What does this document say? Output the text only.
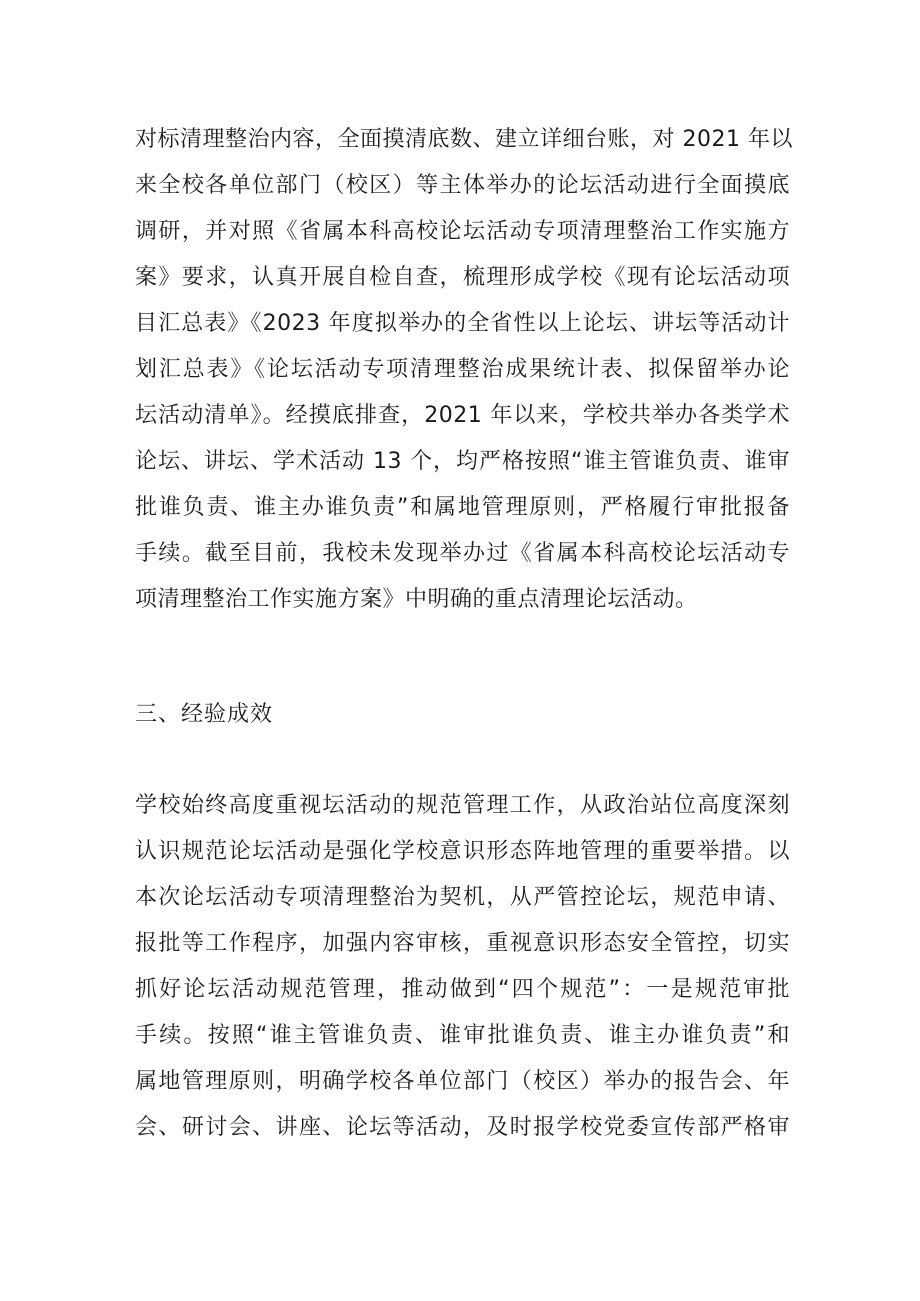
对标清理整治内容，全面摸清底数、建立详细台账，对 2021 年以
来全校各单位部门（校区）等主体举办的论坛活动进行全面摸底
调研，并对照《省属本科高校论坛活动专项清理整治工作实施方
案》要求，认真开展自检自查，梳理形成学校《现有论坛活动项
目汇总表》《2023 年度拟举办的全省性以上论坛、讲坛等活动计
划汇总表》《论坛活动专项清理整治成果统计表、拟保留举办论
坛活动清单》。经摸底排查，2021 年以来，学校共举办各类学术
论坛、讲坛、学术活动 13 个，均严格按照“谁主管谁负责、谁审
批谁负责、谁主办谁负责”和属地管理原则，严格履行审批报备
手续。截至目前，我校未发现举办过《省属本科高校论坛活动专
项清理整治工作实施方案》中明确的重点清理论坛活动。
三、经验成效
学校始终高度重视坛活动的规范管理工作，从政治站位高度深刻
认识规范论坛活动是强化学校意识形态阵地管理的重要举措。以
本次论坛活动专项清理整治为契机，从严管控论坛，规范申请、
报批等工作程序，加强内容审核，重视意识形态安全管控，切实
抓好论坛活动规范管理，推动做到“四个规范”：一是规范审批
手续。按照“谁主管谁负责、谁审批谁负责、谁主办谁负责”和
属地管理原则，明确学校各单位部门（校区）举办的报告会、年
会、研讨会、讲座、论坛等活动，及时报学校党委宣传部严格审
